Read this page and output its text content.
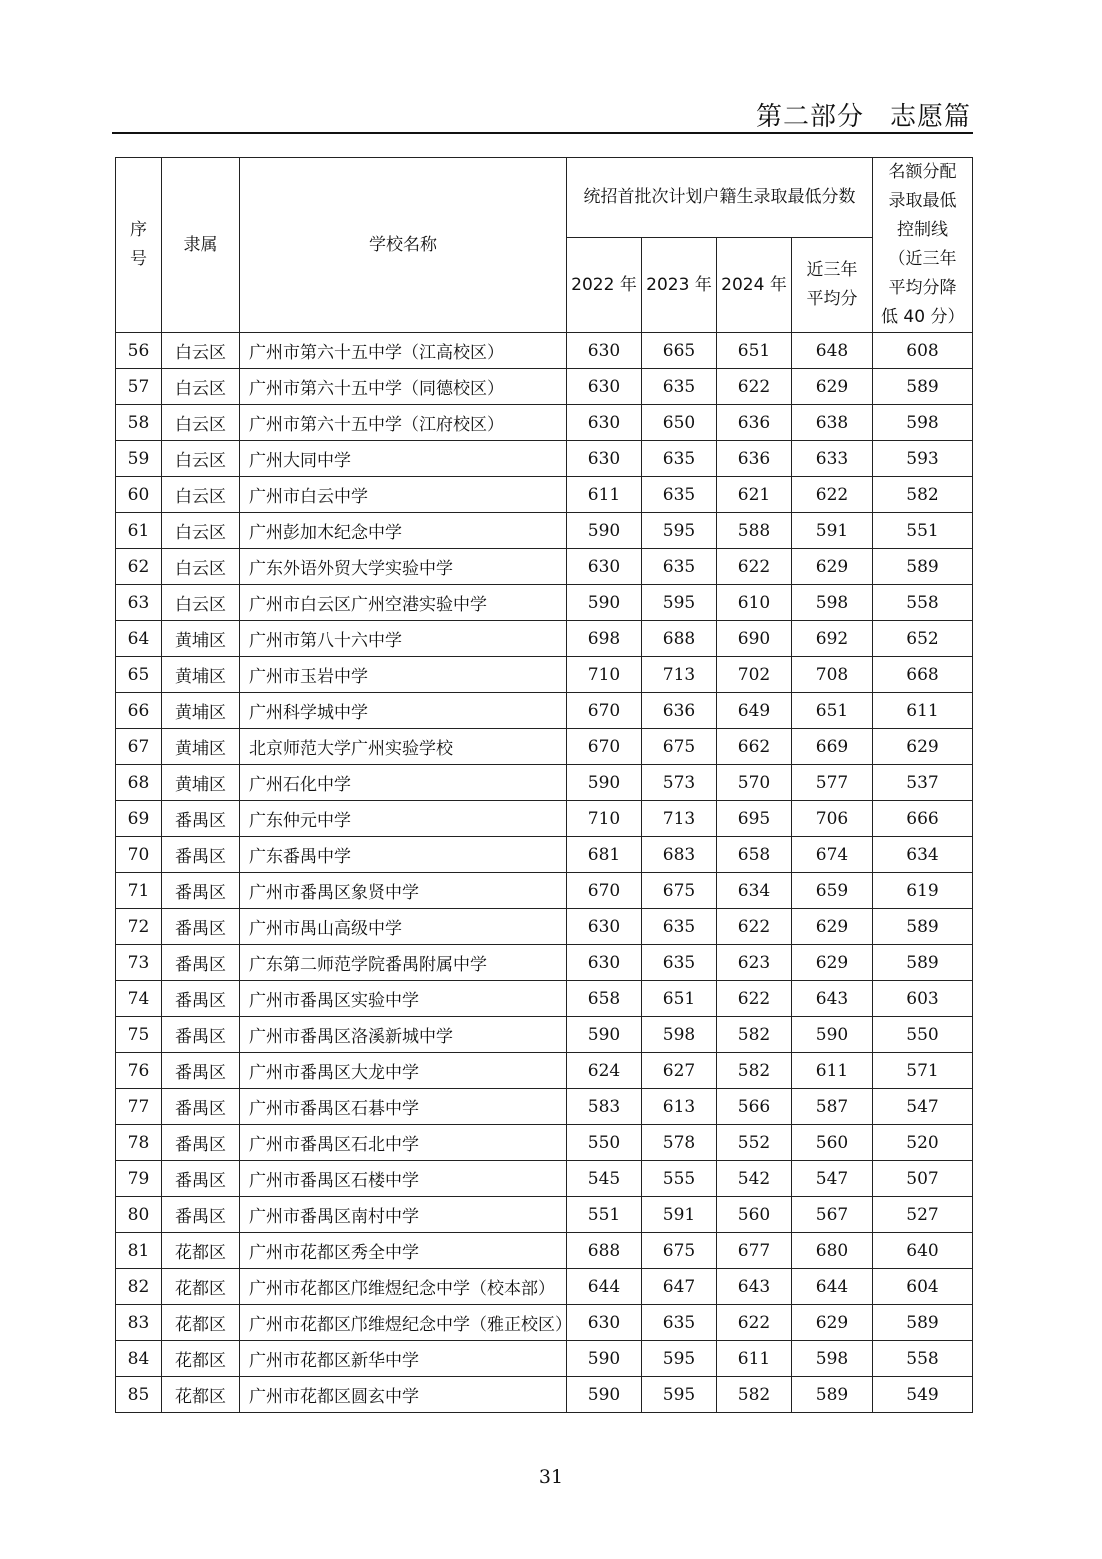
第二部分 志愿篇
序号	隶属	学校名称	统招首批次计划户籍生录取最低分数				名额分配录取最低控制线（近三年平均分降低 40 分）
			2022 年	2023 年	2024 年	近三年平均分	
56	白云区	广州市第六十五中学（江高校区）	630	665	651	648	608
57	白云区	广州市第六十五中学（同德校区）	630	635	622	629	589
58	白云区	广州市第六十五中学（江府校区）	630	650	636	638	598
59	白云区	广州大同中学	630	635	636	633	593
60	白云区	广州市白云中学	611	635	621	622	582
61	白云区	广州彭加木纪念中学	590	595	588	591	551
62	白云区	广东外语外贸大学实验中学	630	635	622	629	589
63	白云区	广州市白云区广州空港实验中学	590	595	610	598	558
64	黄埔区	广州市第八十六中学	698	688	690	692	652
65	黄埔区	广州市玉岩中学	710	713	702	708	668
66	黄埔区	广州科学城中学	670	636	649	651	611
67	黄埔区	北京师范大学广州实验学校	670	675	662	669	629
68	黄埔区	广州石化中学	590	573	570	577	537
69	番禺区	广东仲元中学	710	713	695	706	666
70	番禺区	广东番禺中学	681	683	658	674	634
71	番禺区	广州市番禺区象贤中学	670	675	634	659	619
72	番禺区	广州市禺山高级中学	630	635	622	629	589
73	番禺区	广东第二师范学院番禺附属中学	630	635	623	629	589
74	番禺区	广州市番禺区实验中学	658	651	622	643	603
75	番禺区	广州市番禺区洛溪新城中学	590	598	582	590	550
76	番禺区	广州市番禺区大龙中学	624	627	582	611	571
77	番禺区	广州市番禺区石碁中学	583	613	566	587	547
78	番禺区	广州市番禺区石北中学	550	578	552	560	520
79	番禺区	广州市番禺区石楼中学	545	555	542	547	507
80	番禺区	广州市番禺区南村中学	551	591	560	567	527
81	花都区	广州市花都区秀全中学	688	675	677	680	640
82	花都区	广州市花都区邝维煜纪念中学（校本部）	644	647	643	644	604
83	花都区	广州市花都区邝维煜纪念中学（雅正校区）	630	635	622	629	589
84	花都区	广州市花都区新华中学	590	595	611	598	558
85	花都区	广州市花都区圆玄中学	590	595	582	589	549
31
